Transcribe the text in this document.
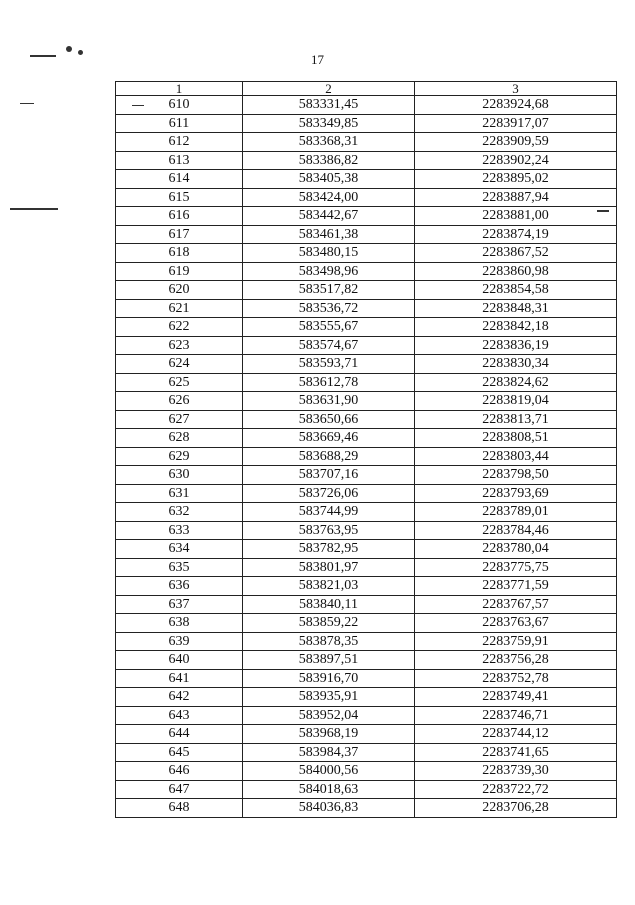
17
1	2	3
610	583331,45	2283924,68
611	583349,85	2283917,07
612	583368,31	2283909,59
613	583386,82	2283902,24
614	583405,38	2283895,02
615	583424,00	2283887,94
616	583442,67	2283881,00
617	583461,38	2283874,19
618	583480,15	2283867,52
619	583498,96	2283860,98
620	583517,82	2283854,58
621	583536,72	2283848,31
622	583555,67	2283842,18
623	583574,67	2283836,19
624	583593,71	2283830,34
625	583612,78	2283824,62
626	583631,90	2283819,04
627	583650,66	2283813,71
628	583669,46	2283808,51
629	583688,29	2283803,44
630	583707,16	2283798,50
631	583726,06	2283793,69
632	583744,99	2283789,01
633	583763,95	2283784,46
634	583782,95	2283780,04
635	583801,97	2283775,75
636	583821,03	2283771,59
637	583840,11	2283767,57
638	583859,22	2283763,67
639	583878,35	2283759,91
640	583897,51	2283756,28
641	583916,70	2283752,78
642	583935,91	2283749,41
643	583952,04	2283746,71
644	583968,19	2283744,12
645	583984,37	2283741,65
646	584000,56	2283739,30
647	584018,63	2283722,72
648	584036,83	2283706,28
